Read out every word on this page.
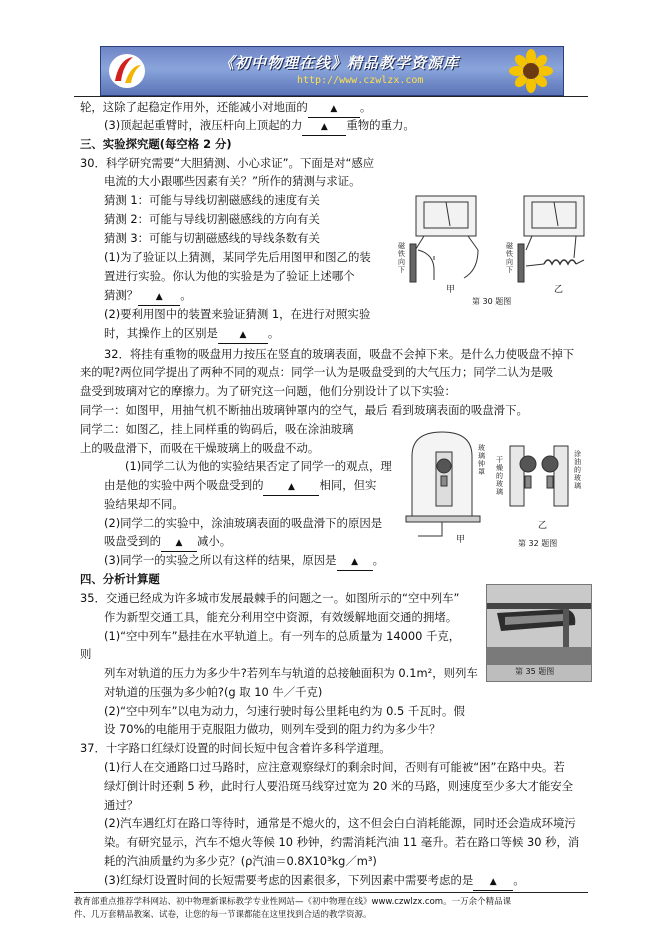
《初中物理在线》精品教学资源库
http://www.czwlzx.com
轮，这除了起稳定作用外，还能减小对地面的	▲ 。
(3)顶起起重臂时，液压杆向上顶起的力 ▲ 重物的重力。
三、实验探究题(每空格 2 分)
30．科学研究需要“大胆猜测、小心求证”。下面是对“感应
电流的大小跟哪些因素有关？”所作的猜测与求证。
猜测 1：可能与导线切割磁感线的速度有关
猜测 2：可能与导线切割磁感线的方向有关
猜测 3：可能与切割磁感线的导线条数有关
(1)为了验证以上猜测，某同学先后用图甲和图乙的装
置进行实验。你认为他的实验是为了验证上述哪个
猜测？ ▲ 。
(2)要利用图中的装置来验证猜测 1，在进行对照实验
时，其操作上的区别是 ▲ 。
磁铁向下
磁铁向下
甲	乙
第 30 题图
32．将挂有重物的吸盘用力按压在竖直的玻璃表面，吸盘不会掉下来。是什么力使吸盘不掉下
来的呢?两位同学提出了两种不同的观点：同学一认为是吸盘受到的大气压力；同学二认为是吸
盘受到玻璃对它的摩擦力。为了研究这一问题，他们分别设计了以下实验：
同学一：如图甲，用抽气机不断抽出玻璃钟罩内的空气，最后 看到玻璃表面的吸盘滑下。
同学二：如图乙，挂上同样重的钩码后，吸在涂油玻璃
上的吸盘滑下，而吸在干燥玻璃上的吸盘不动。
(1)同学二认为他的实验结果否定了同学一的观点，理
由是他的实验中两个吸盘受到的	▲ 相同，但实
验结果却不同。
(2)同学二的实验中，涂油玻璃表面的吸盘滑下的原因是
吸盘受到的 ▲ 减小。
(3)同学一的实验之所以有这样的结果，原因是 ▲ 。
玻璃钟罩
干燥的玻璃
涂油的玻璃
甲
乙
第 32 题图
四、分析计算题
35．交通已经成为许多城市发展最棘手的问题之一。如图所示的“空中列车”
作为新型交通工具，能充分利用空中资源，有效缓解地面交通的拥堵。
(1)“空中列车”悬挂在水平轨道上。有一列车的总质量为 14000 千克，
则
列车对轨道的压力为多少牛?若列车与轨道的总接触面积为 0.1m²，则列车
对轨道的压强为多少帕?(g 取 10 牛／千克)
(2)“空中列车”以电为动力，匀速行驶时每公里耗电约为 0.5 千瓦时。假
设 70%的电能用于克服阻力做功，则列车受到的阻力约为多少牛？
第 35 题图
37．十字路口红绿灯设置的时间长短中包含着许多科学道理。
(1)行人在交通路口过马路时，应注意观察绿灯的剩余时间，否则有可能被“困”在路中央。若
绿灯倒计时还剩 5 秒，此时行人要沿斑马线穿过宽为 20 米的马路，则速度至少多大才能安全
通过？
(2)汽车遇红灯在路口等待时，通常是不熄火的，这不但会白白消耗能源，同时还会造成环境污
染。有研究显示，汽车不熄火等候 10 秒钟，约需消耗汽油 11 毫升。若在路口等候 30 秒，消
耗的汽油质量约为多少克？(ρ汽油＝0.8X10³kg／m³)
(3)红绿灯设置时间的长短需要考虑的因素很多，下列因素中需要考虑的是 ▲ 。
教育部重点推荐学科网站、初中物理新课标教学专业性网站—《初中物理在线》www.czwlzx.com。一万余个精品课
件、几万套精品教案、试卷，让您的每一节课都能在这里找到合适的教学资源。
